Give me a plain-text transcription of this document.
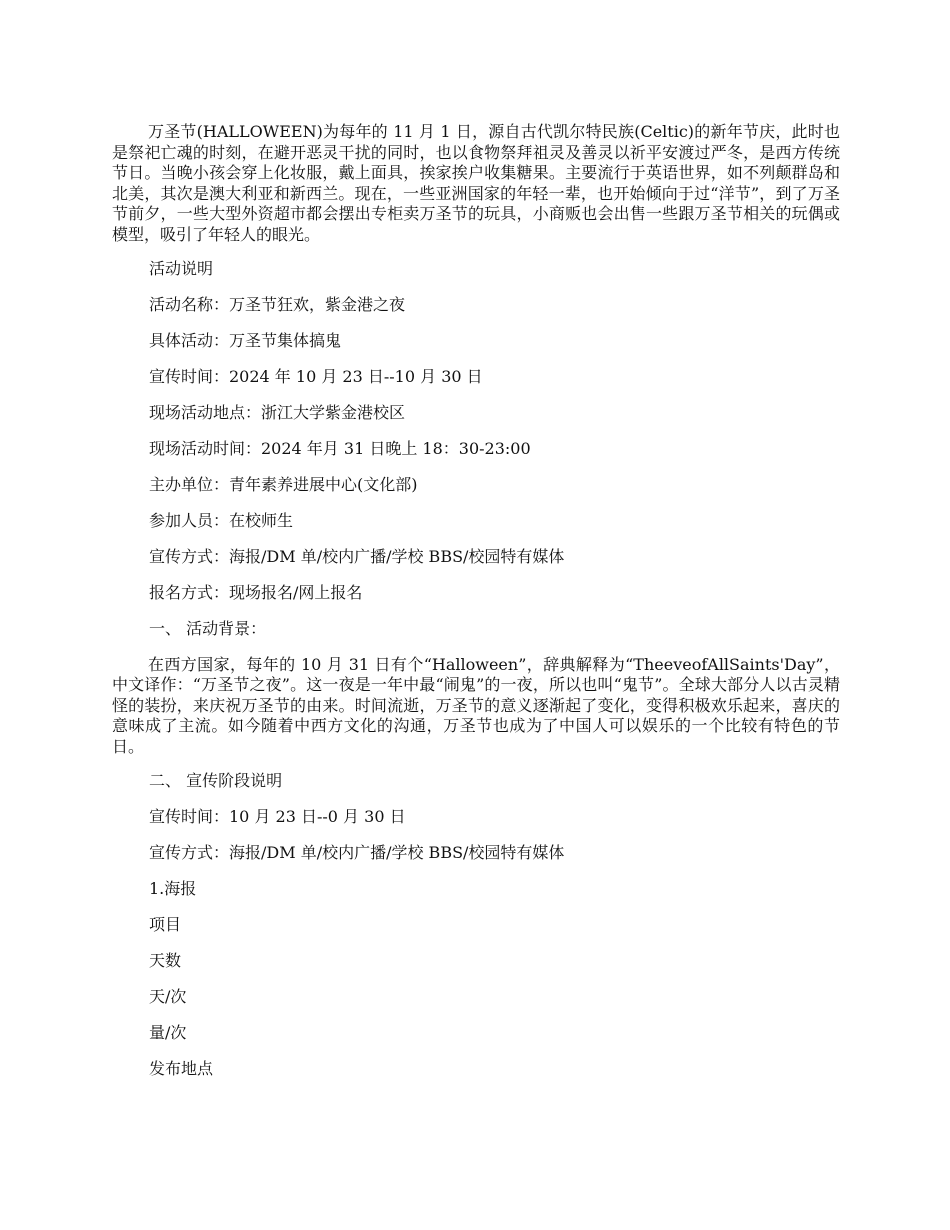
万圣节(HALLOWEEN)为每年的 11 月 1 日，源自古代凯尔特民族(Celtic)的新年节庆，此时也是祭祀亡魂的时刻，在避开恶灵干扰的同时，也以食物祭拜祖灵及善灵以祈平安渡过严冬，是西方传统节日。当晚小孩会穿上化妆服，戴上面具，挨家挨户收集糖果。主要流行于英语世界，如不列颠群岛和北美，其次是澳大利亚和新西兰。现在，一些亚洲国家的年轻一辈，也开始倾向于过“洋节”，到了万圣节前夕，一些大型外资超市都会摆出专柜卖万圣节的玩具，小商贩也会出售一些跟万圣节相关的玩偶或模型，吸引了年轻人的眼光。

活动说明

活动名称：万圣节狂欢，紫金港之夜

具体活动：万圣节集体搞鬼

宣传时间：2024 年 10 月 23 日--10 月 30 日

现场活动地点：浙江大学紫金港校区

现场活动时间：2024 年月 31 日晚上 18：30-23:00

主办单位：青年素养进展中心(文化部)

参加人员：在校师生

宣传方式：海报/DM 单/校内广播/学校 BBS/校园特有媒体

报名方式：现场报名/网上报名

一、 活动背景：

在西方国家，每年的 10 月 31 日有个“Halloween”，辞典解释为“TheeveofAllSaints'Day”，中文译作：“万圣节之夜”。这一夜是一年中最“闹鬼”的一夜，所以也叫“鬼节”。全球大部分人以古灵精怪的装扮，来庆祝万圣节的由来。时间流逝，万圣节的意义逐渐起了变化，变得积极欢乐起来，喜庆的意味成了主流。如今随着中西方文化的沟通，万圣节也成为了中国人可以娱乐的一个比较有特色的节日。

二、 宣传阶段说明

宣传时间：10 月 23 日--0 月 30 日

宣传方式：海报/DM 单/校内广播/学校 BBS/校园特有媒体

1.海报

项目

天数

天/次

量/次

发布地点
